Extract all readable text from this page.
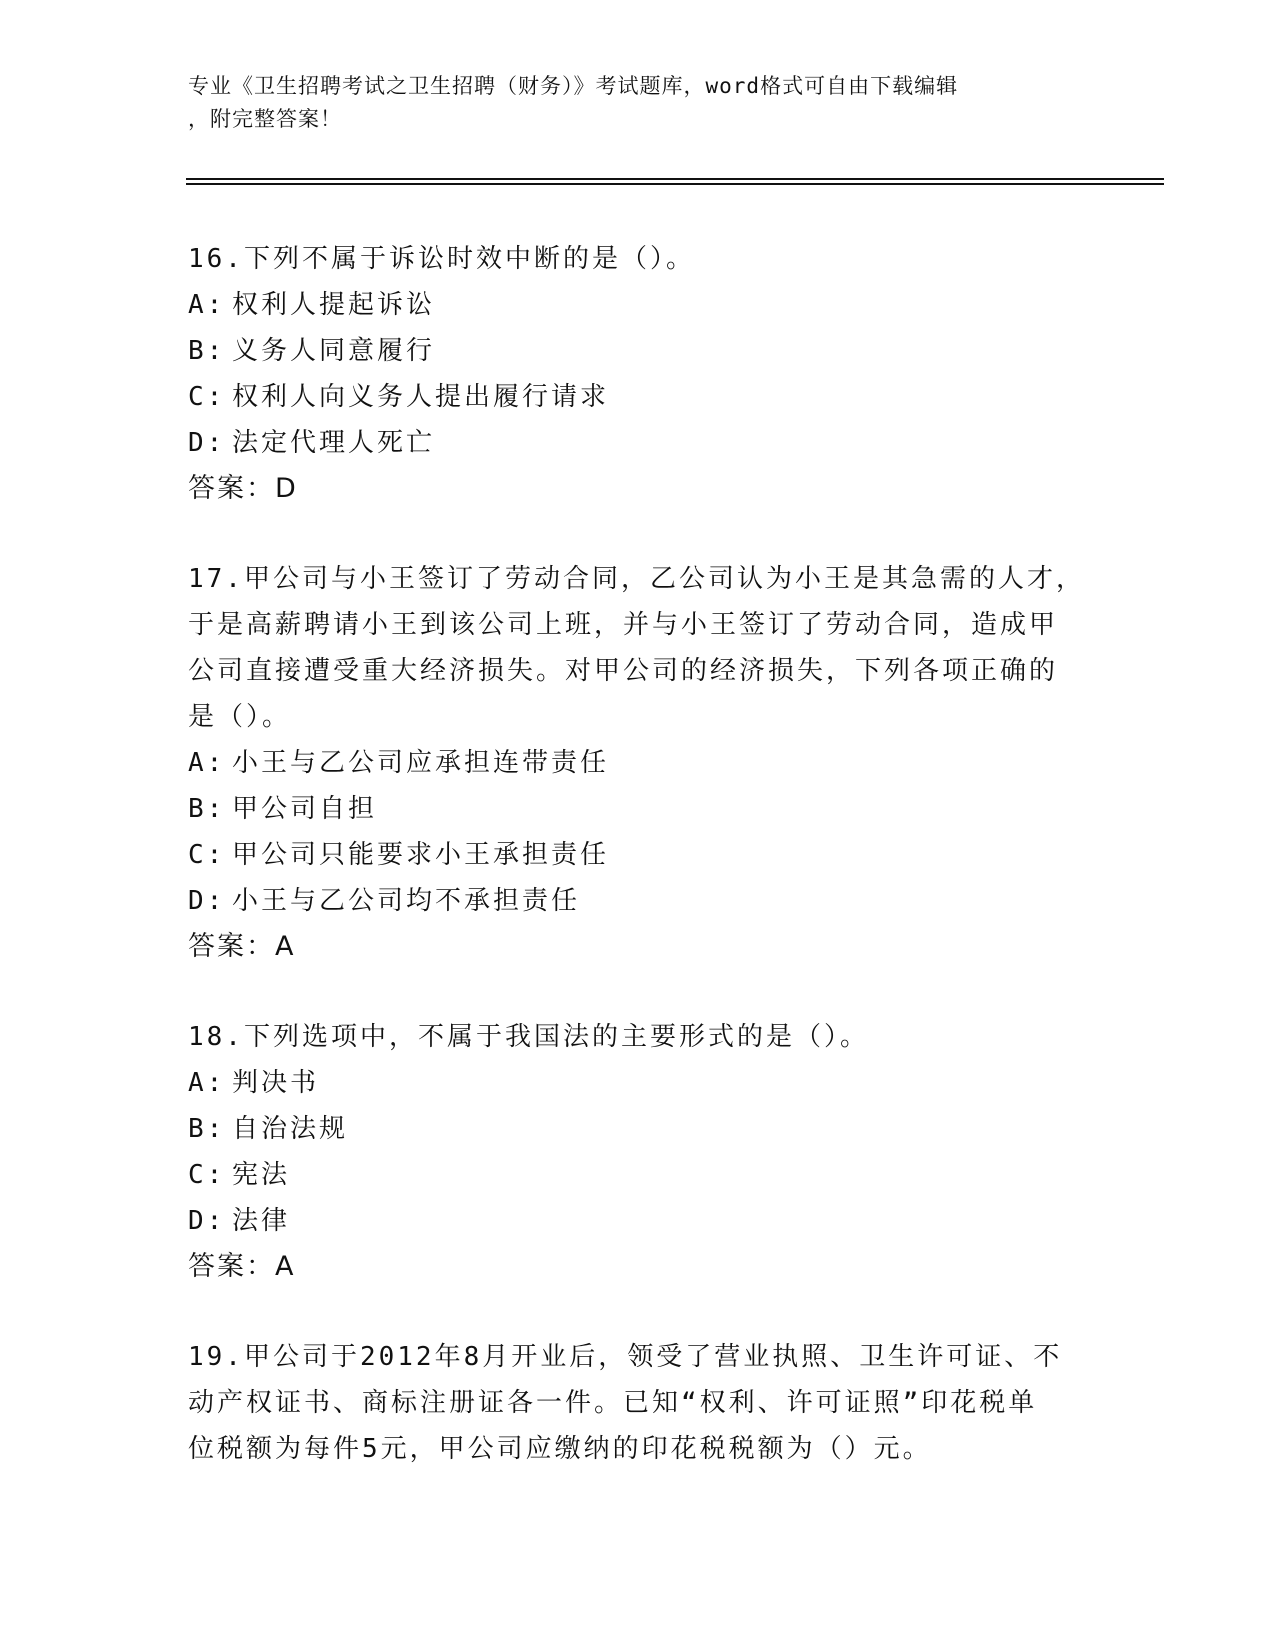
专业《卫生招聘考试之卫生招聘（财务）》考试题库，word格式可自由下载编辑
，附完整答案！

16.下列不属于诉讼时效中断的是（）。

A: 权利人提起诉讼

B: 义务人同意履行

C: 权利人向义务人提出履行请求

D: 法定代理人死亡

答案：D

17.甲公司与小王签订了劳动合同，乙公司认为小王是其急需的人才，

于是高薪聘请小王到该公司上班，并与小王签订了劳动合同，造成甲

公司直接遭受重大经济损失。对甲公司的经济损失，下列各项正确的

是（）。

A: 小王与乙公司应承担连带责任

B: 甲公司自担

C: 甲公司只能要求小王承担责任

D: 小王与乙公司均不承担责任

答案：A

18.下列选项中，不属于我国法的主要形式的是（）。

A: 判决书

B: 自治法规

C: 宪法

D: 法律

答案：A

19.甲公司于2012年8月开业后，领受了营业执照、卫生许可证、不

动产权证书、商标注册证各一件。已知“权利、许可证照”印花税单

位税额为每件5元，甲公司应缴纳的印花税税额为（）元。
